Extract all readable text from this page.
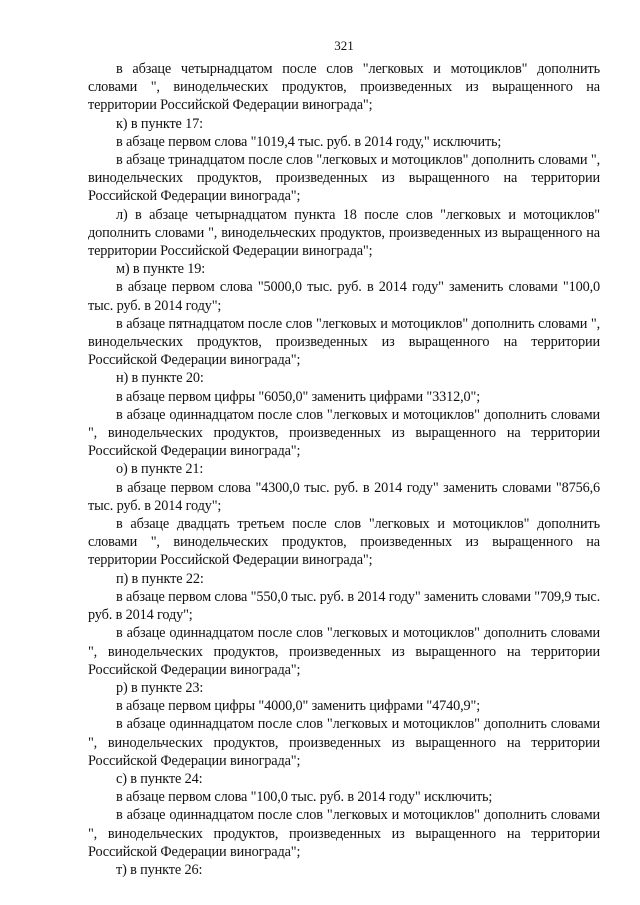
321

в абзаце четырнадцатом после слов "легковых и мотоциклов" дополнить словами ", винодельческих продуктов, произведенных из выращенного на территории Российской Федерации винограда";

к) в пункте 17:

в абзаце первом слова "1019,4 тыс. руб. в 2014 году," исключить;

в абзаце тринадцатом после слов "легковых и мотоциклов" дополнить словами ", винодельческих продуктов, произведенных из выращенного на территории Российской Федерации винограда";

л) в абзаце четырнадцатом пункта 18 после слов "легковых и мотоциклов" дополнить словами ", винодельческих продуктов, произведенных из выращенного на территории Российской Федерации винограда";

м) в пункте 19:

в абзаце первом слова "5000,0 тыс. руб. в 2014 году" заменить словами "100,0 тыс. руб. в 2014 году";

в абзаце пятнадцатом после слов "легковых и мотоциклов" дополнить словами ", винодельческих продуктов, произведенных из выращенного на территории Российской Федерации винограда";

н) в пункте 20:

в абзаце первом цифры "6050,0" заменить цифрами "3312,0";

в абзаце одиннадцатом после слов "легковых и мотоциклов" дополнить словами ", винодельческих продуктов, произведенных из выращенного на территории Российской Федерации винограда";

о) в пункте 21:

в абзаце первом слова "4300,0 тыс. руб. в 2014 году" заменить словами "8756,6 тыс. руб. в 2014 году";

в абзаце двадцать третьем после слов "легковых и мотоциклов" дополнить словами ", винодельческих продуктов, произведенных из выращенного на территории Российской Федерации винограда";

п) в пункте 22:

в абзаце первом слова "550,0 тыс. руб. в 2014 году" заменить словами "709,9 тыс. руб. в 2014 году";

в абзаце одиннадцатом после слов "легковых и мотоциклов" дополнить словами ", винодельческих продуктов, произведенных из выращенного на территории Российской Федерации винограда";

р) в пункте 23:

в абзаце первом цифры "4000,0" заменить цифрами "4740,9";

в абзаце одиннадцатом после слов "легковых и мотоциклов" дополнить словами ", винодельческих продуктов, произведенных из выращенного на территории Российской Федерации винограда";

с) в пункте 24:

в абзаце первом слова "100,0 тыс. руб. в 2014 году" исключить;

в абзаце одиннадцатом после слов "легковых и мотоциклов" дополнить словами ", винодельческих продуктов, произведенных из выращенного на территории Российской Федерации винограда";

т) в пункте 26:
